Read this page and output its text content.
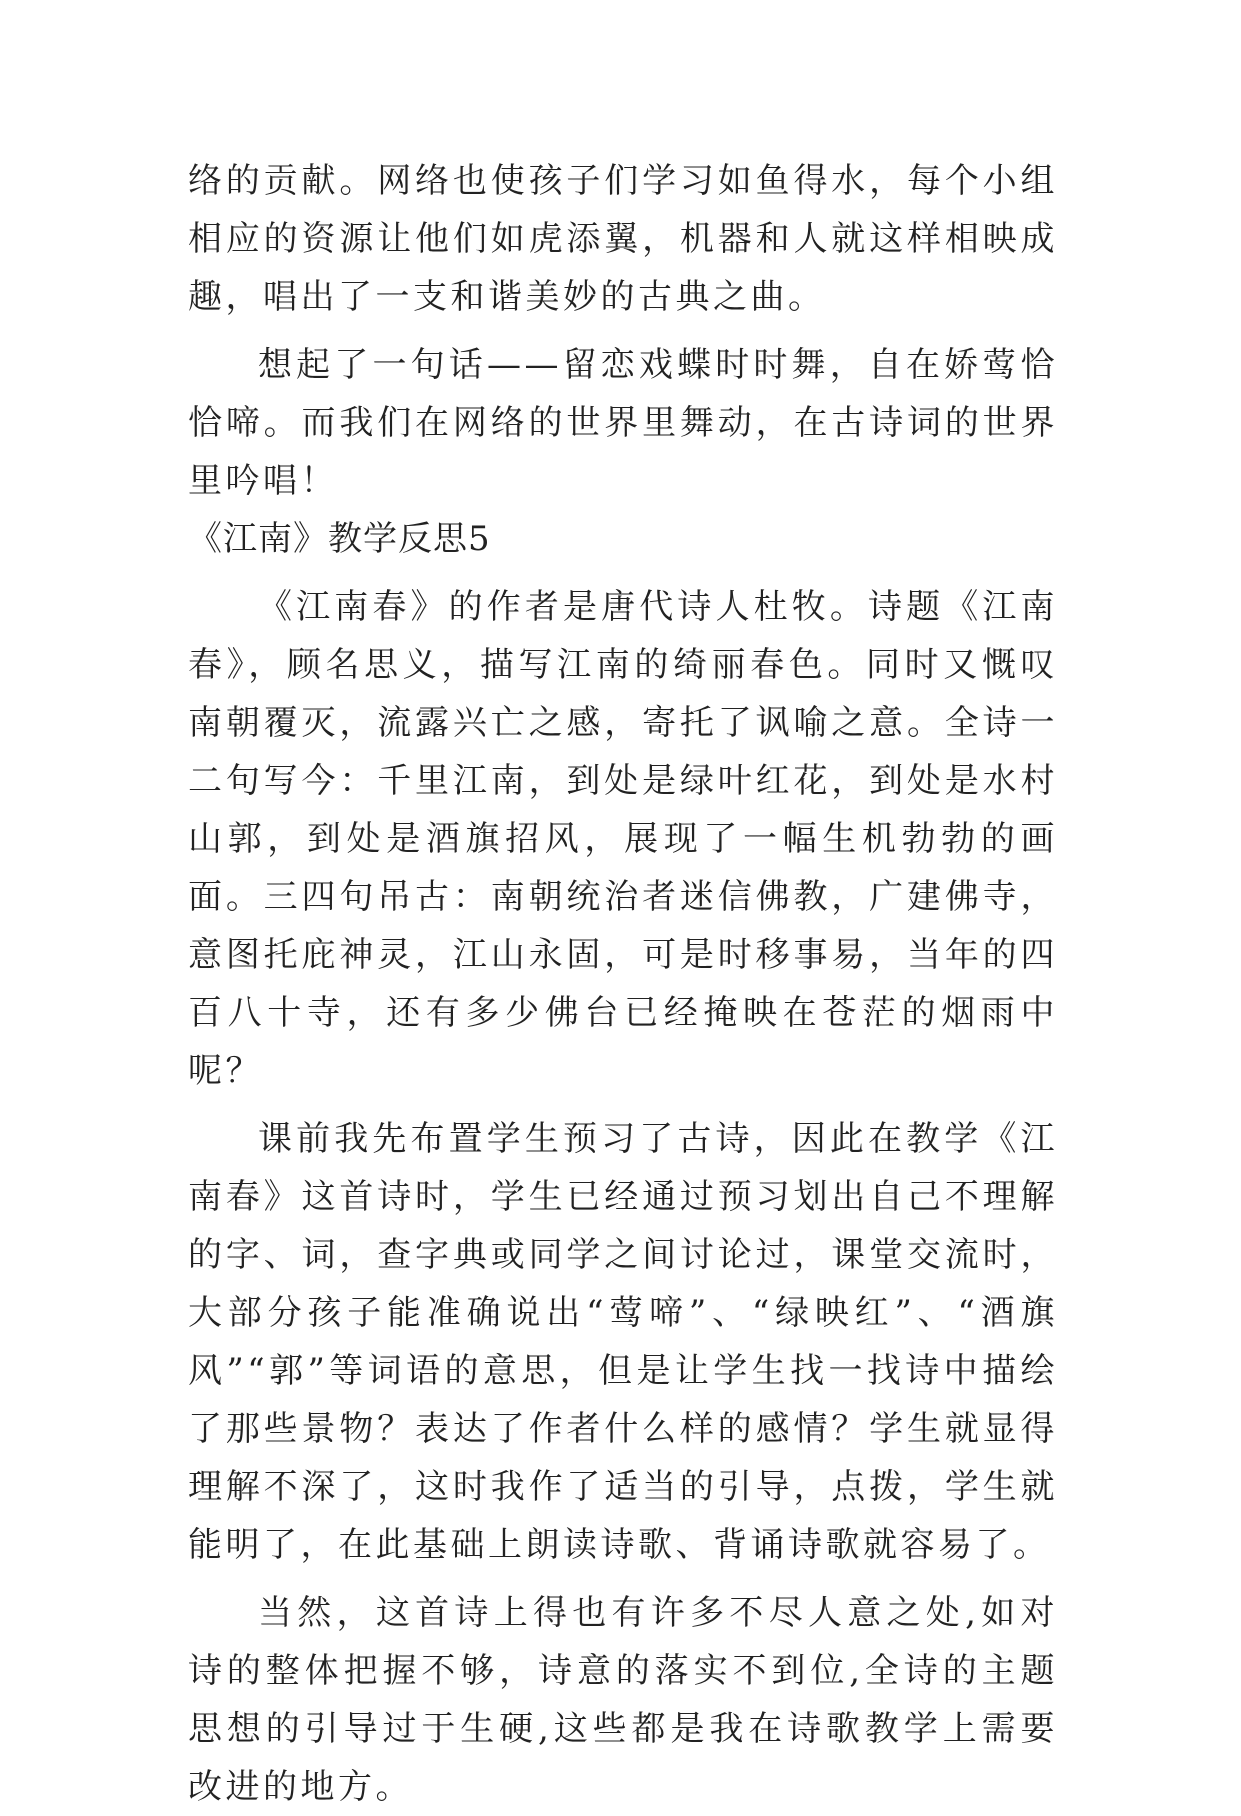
络的贡献。网络也使孩子们学习如鱼得水，每个小组相应的资源让他们如虎添翼，机器和人就这样相映成趣，唱出了一支和谐美妙的古典之曲。

想起了一句话——留恋戏蝶时时舞，自在娇莺恰恰啼。而我们在网络的世界里舞动，在古诗词的世界里吟唱！

《江南》教学反思5

《江南春》的作者是唐代诗人杜牧。诗题《江南春》，顾名思义，描写江南的绮丽春色。同时又慨叹南朝覆灭，流露兴亡之感，寄托了讽喻之意。全诗一二句写今：千里江南，到处是绿叶红花，到处是水村山郭，到处是酒旗招风，展现了一幅生机勃勃的画面。三四句吊古：南朝统治者迷信佛教，广建佛寺，意图托庇神灵，江山永固，可是时移事易，当年的四百八十寺，还有多少佛台已经掩映在苍茫的烟雨中呢？

课前我先布置学生预习了古诗，因此在教学《江南春》这首诗时，学生已经通过预习划出自己不理解的字、词，查字典或同学之间讨论过，课堂交流时，大部分孩子能准确说出“莺啼”、“绿映红”、“酒旗风”“郭”等词语的意思，但是让学生找一找诗中描绘了那些景物？表达了作者什么样的感情？学生就显得理解不深了，这时我作了适当的引导，点拨，学生就能明了，在此基础上朗读诗歌、背诵诗歌就容易了。

当然，这首诗上得也有许多不尽人意之处,如对诗的整体把握不够，诗意的落实不到位,全诗的主题思想的引导过于生硬,这些都是我在诗歌教学上需要改进的地方。
